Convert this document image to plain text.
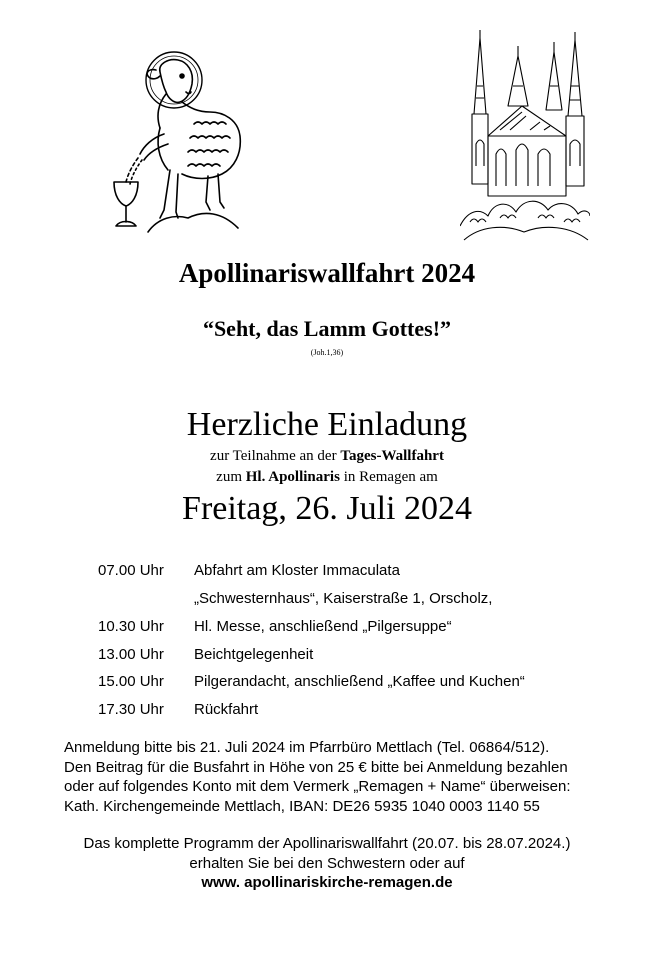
Apollinariswallfahrt 2024
“Seht, das Lamm Gottes!”
(Joh.1,36)
Herzliche Einladung
zur Teilnahme an der Tages-Wallfahrt
zum Hl. Apollinaris in Remagen am
Freitag, 26. Juli 2024
07.00 Uhr Abfahrt am Kloster Immaculata
„Schwesternhaus“, Kaiserstraße 1, Orscholz,
10.30 Uhr Hl. Messe, anschließend „Pilgersuppe“
13.00 Uhr Beichtgelegenheit
15.00 Uhr Pilgerandacht, anschließend „Kaffee und Kuchen“
17.30 Uhr Rückfahrt
Anmeldung bitte bis 21. Juli 2024 im Pfarrbüro Mettlach (Tel. 06864/512).
Den Beitrag für die Busfahrt in Höhe von 25 € bitte bei Anmeldung bezahlen
oder auf folgendes Konto mit dem Vermerk „Remagen + Name“ überweisen:
Kath. Kirchengemeinde Mettlach, IBAN: DE26 5935 1040 0003 1140 55
Das komplette Programm der Apollinariswallfahrt (20.07. bis 28.07.2024.)
erhalten Sie bei den Schwestern oder auf
www. apollinariskirche-remagen.de
